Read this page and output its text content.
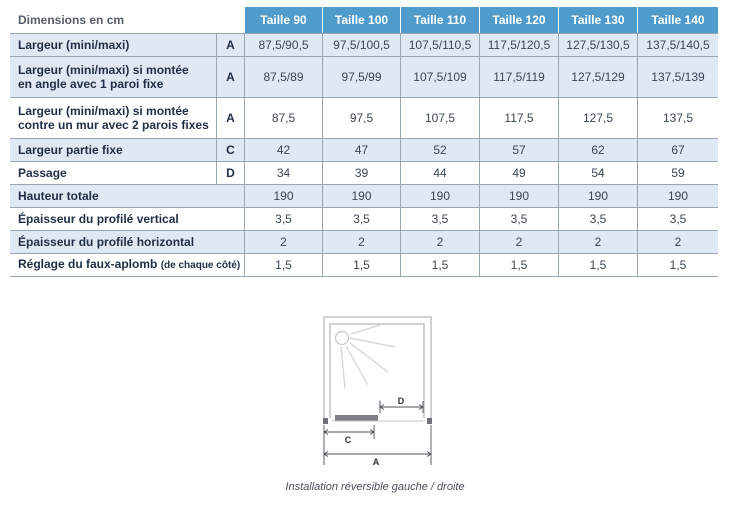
Dimensions en cm		Taille 90	Taille 100	Taille 110	Taille 120	Taille 130	Taille 140
Largeur (mini/maxi)	A	87,5/90,5	97,5/100,5	107,5/110,5	117,5/120,5	127,5/130,5	137,5/140,5
Largeur (mini/maxi) si montée
en angle avec 1 paroi fixe	A	87,5/89	97,5/99	107,5/109	117,5/119	127,5/129	137,5/139
Largeur (mini/maxi) si montée
contre un mur avec 2 parois fixes	A	87,5	97,5	107,5	117,5	127,5	137,5
Largeur partie fixe	C	42	47	52	57	62	67
Passage	D	34	39	44	49	54	59
Hauteur totale		190	190	190	190	190	190
Épaisseur du profilé vertical		3,5	3,5	3,5	3,5	3,5	3,5
Épaisseur du profilé horizontal		2	2	2	2	2	2
Réglage du faux-aplomb (de chaque côté)		1,5	1,5	1,5	1,5	1,5	1,5
D
C
A
Installation réversible gauche / droite
